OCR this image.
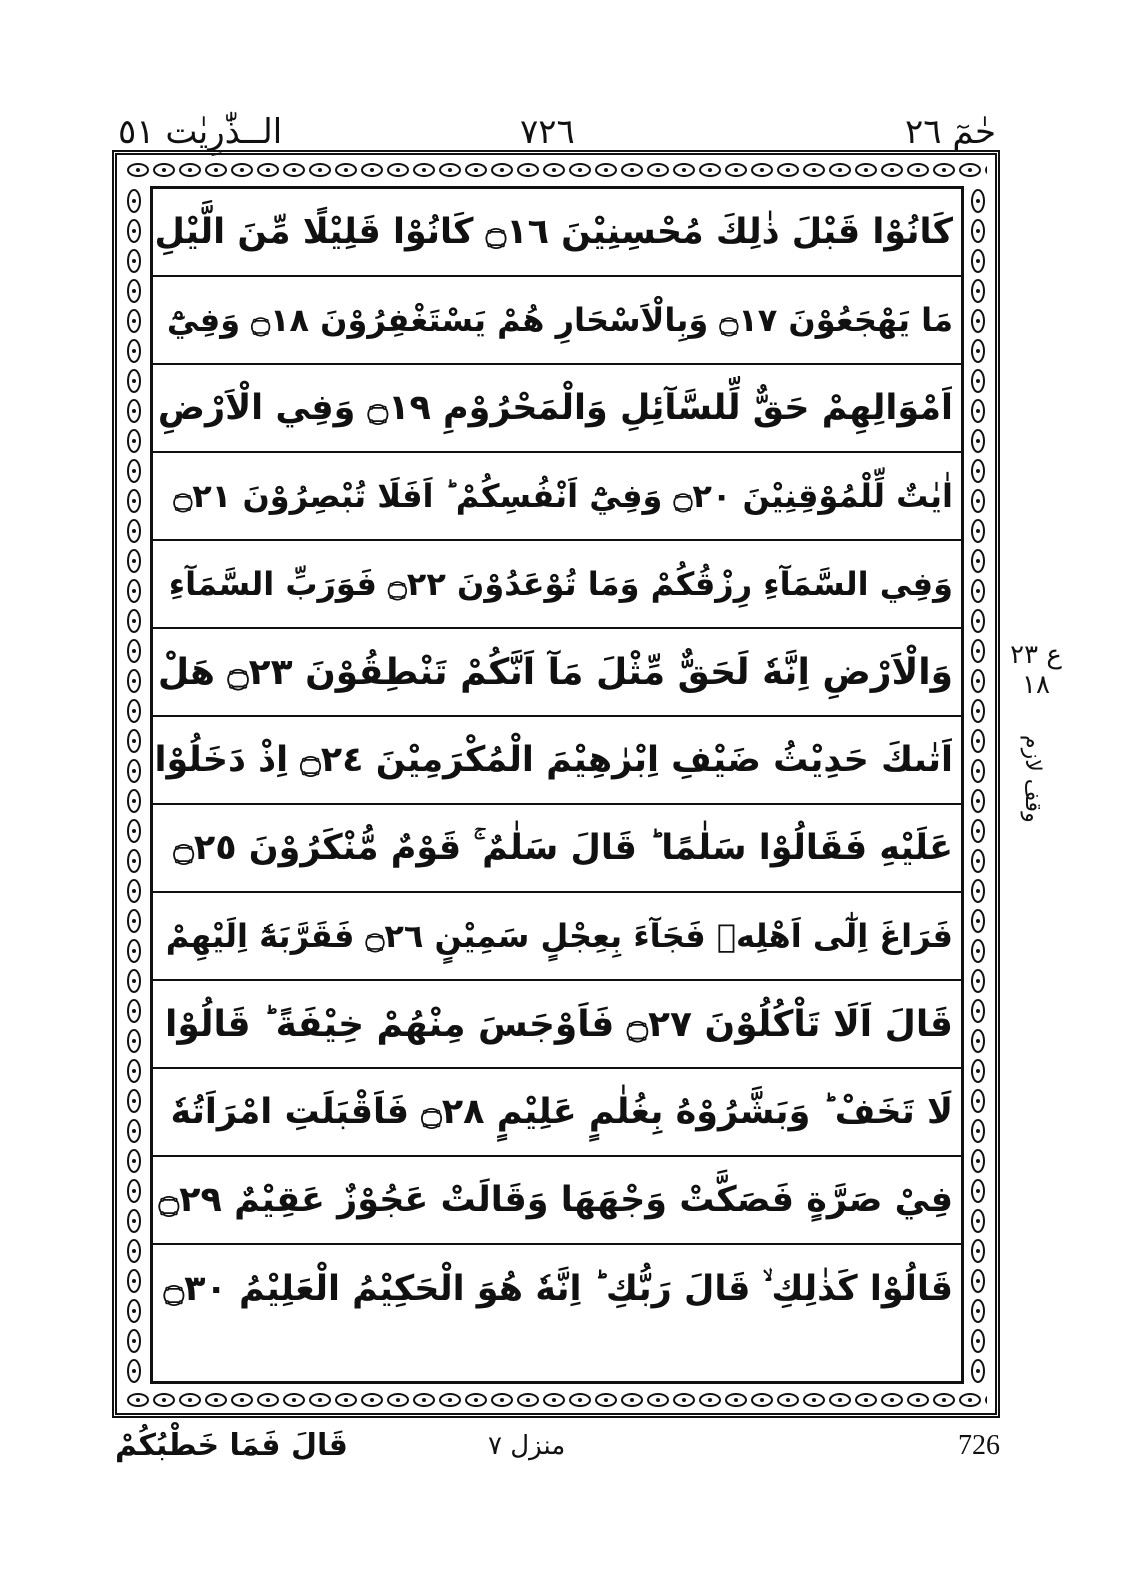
الــذّٰرِيٰت ٥١	٧٢٦	حٰمٓ ٢٦
كَانُوْا قَبْلَ ذٰلِكَ مُحْسِنِيْنَ ۝١٦ كَانُوْا قَلِيْلًا مِّنَ الَّيْلِ
مَا يَهْجَعُوْنَ ۝١٧ وَبِالْاَسْحَارِ هُمْ يَسْتَغْفِرُوْنَ ۝١٨ وَفِيْٓ
اَمْوَالِهِمْ حَقٌّ لِّلسَّآئِلِ وَالْمَحْرُوْمِ ۝١٩ وَفِي الْاَرْضِ
اٰيٰتٌ لِّلْمُوْقِنِيْنَ ۝٢٠ وَفِيْٓ اَنْفُسِكُمْ ؕ اَفَلَا تُبْصِرُوْنَ ۝٢١
وَفِي السَّمَآءِ رِزْقُكُمْ وَمَا تُوْعَدُوْنَ ۝٢٢ فَوَرَبِّ السَّمَآءِ
وَالْاَرْضِ اِنَّهٗ لَحَقٌّ مِّثْلَ مَآ اَنَّكُمْ تَنْطِقُوْنَ ۝٢٣ هَلْ
اَتٰىكَ حَدِيْثُ ضَيْفِ اِبْرٰهِيْمَ الْمُكْرَمِيْنَ ۝٢٤ اِذْ دَخَلُوْا
عَلَيْهِ فَقَالُوْا سَلٰمًا ؕ قَالَ سَلٰمٌ ۚ قَوْمٌ مُّنْكَرُوْنَ ۝٢٥
فَرَاغَ اِلٰٓى اَهْلِهٖ فَجَآءَ بِعِجْلٍ سَمِيْنٍ ۝٢٦ فَقَرَّبَهٗٓ اِلَيْهِمْ
قَالَ اَلَا تَاْكُلُوْنَ ۝٢٧ فَاَوْجَسَ مِنْهُمْ خِيْفَةً ؕ قَالُوْا
لَا تَخَفْ ؕ وَبَشَّرُوْهُ بِغُلٰمٍ عَلِيْمٍ ۝٢٨ فَاَقْبَلَتِ امْرَاَتُهٗ
فِيْ صَرَّةٍ فَصَكَّتْ وَجْهَهَا وَقَالَتْ عَجُوْزٌ عَقِيْمٌ ۝٢٩
قَالُوْا كَذٰلِكِ ۙ قَالَ رَبُّكِ ؕ اِنَّهٗ هُوَ الْحَكِيْمُ الْعَلِيْمُ ۝٣٠
ع ٢٣ ١٨
وقف لازم
قَالَ فَمَا خَطْبُكُمْ	منزل ٧	726
